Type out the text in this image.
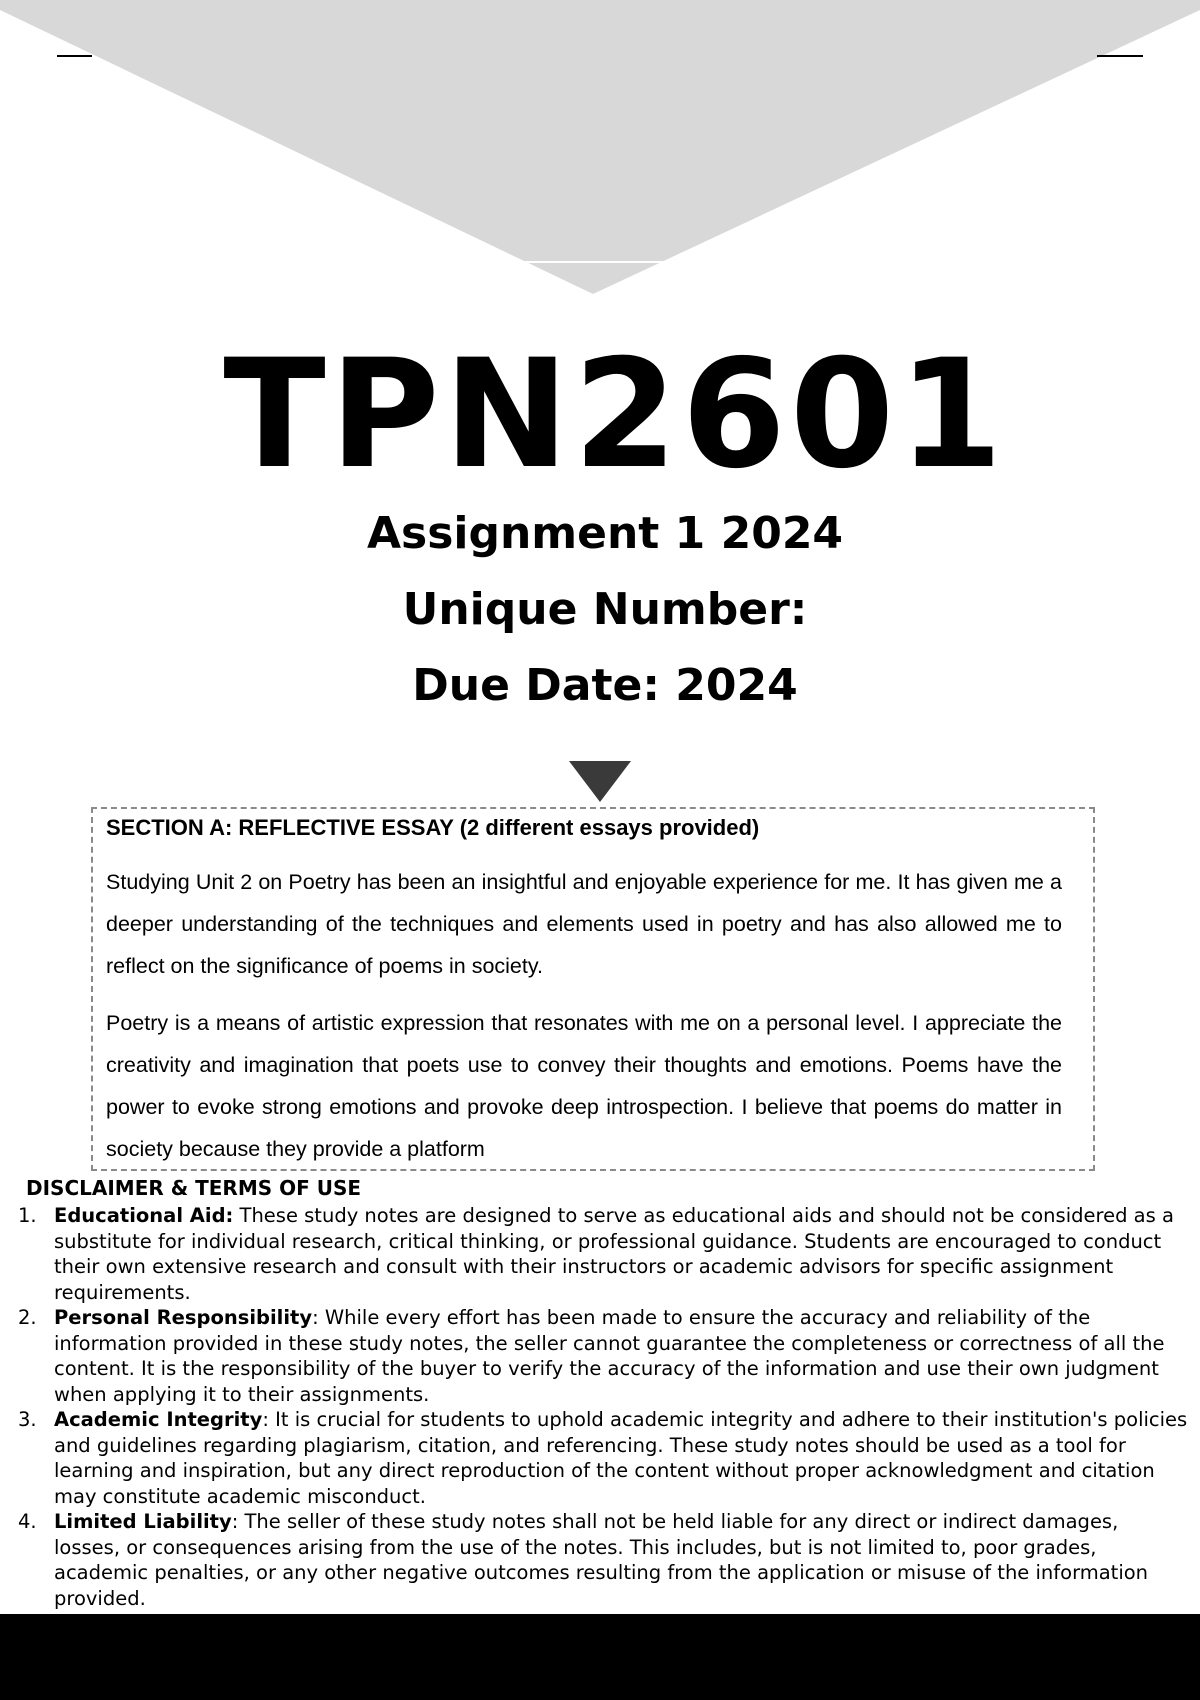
TPN2601
Assignment 1 2024
Unique Number:
Due Date: 2024

SECTION A: REFLECTIVE ESSAY (2 different essays provided)

Studying Unit 2 on Poetry has been an insightful and enjoyable experience for me. It has given me a deeper understanding of the techniques and elements used in poetry and has also allowed me to reflect on the significance of poems in society.

Poetry is a means of artistic expression that resonates with me on a personal level. I appreciate the creativity and imagination that poets use to convey their thoughts and emotions. Poems have the power to evoke strong emotions and provoke deep introspection. I believe that poems do matter in society because they provide a platform

DISCLAIMER & TERMS OF USE
1. Educational Aid: These study notes are designed to serve as educational aids and should not be considered as a substitute for individual research, critical thinking, or professional guidance. Students are encouraged to conduct their own extensive research and consult with their instructors or academic advisors for specific assignment requirements.
2. Personal Responsibility: While every effort has been made to ensure the accuracy and reliability of the information provided in these study notes, the seller cannot guarantee the completeness or correctness of all the content. It is the responsibility of the buyer to verify the accuracy of the information and use their own judgment when applying it to their assignments.
3. Academic Integrity: It is crucial for students to uphold academic integrity and adhere to their institution's policies and guidelines regarding plagiarism, citation, and referencing. These study notes should be used as a tool for learning and inspiration, but any direct reproduction of the content without proper acknowledgment and citation may constitute academic misconduct.
4. Limited Liability: The seller of these study notes shall not be held liable for any direct or indirect damages, losses, or consequences arising from the use of the notes. This includes, but is not limited to, poor grades, academic penalties, or any other negative outcomes resulting from the application or misuse of the information provided.
